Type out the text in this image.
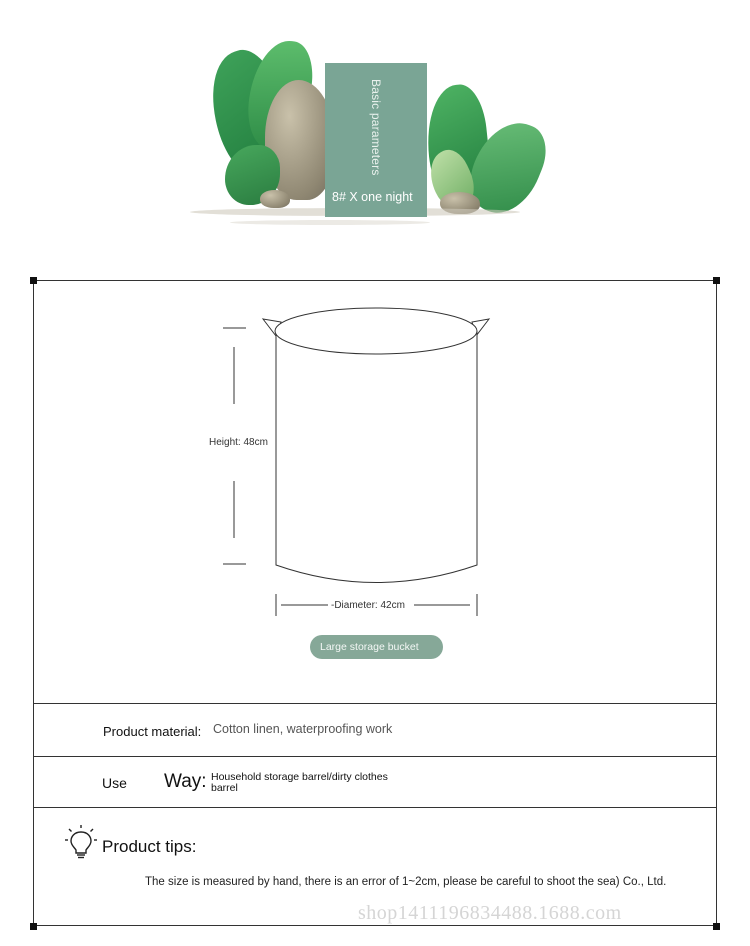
Basic parameters
8# X one night
Height: 48cm
-Diameter: 42cm
Large storage bucket
Product material: Cotton linen, waterproofing work
Use Way: Household storage barrel/dirty clothes
barrel
Product tips:
The size is measured by hand, there is an error of 1~2cm, please be careful to shoot the sea) Co., Ltd.
shop1411196834488.1688.com
